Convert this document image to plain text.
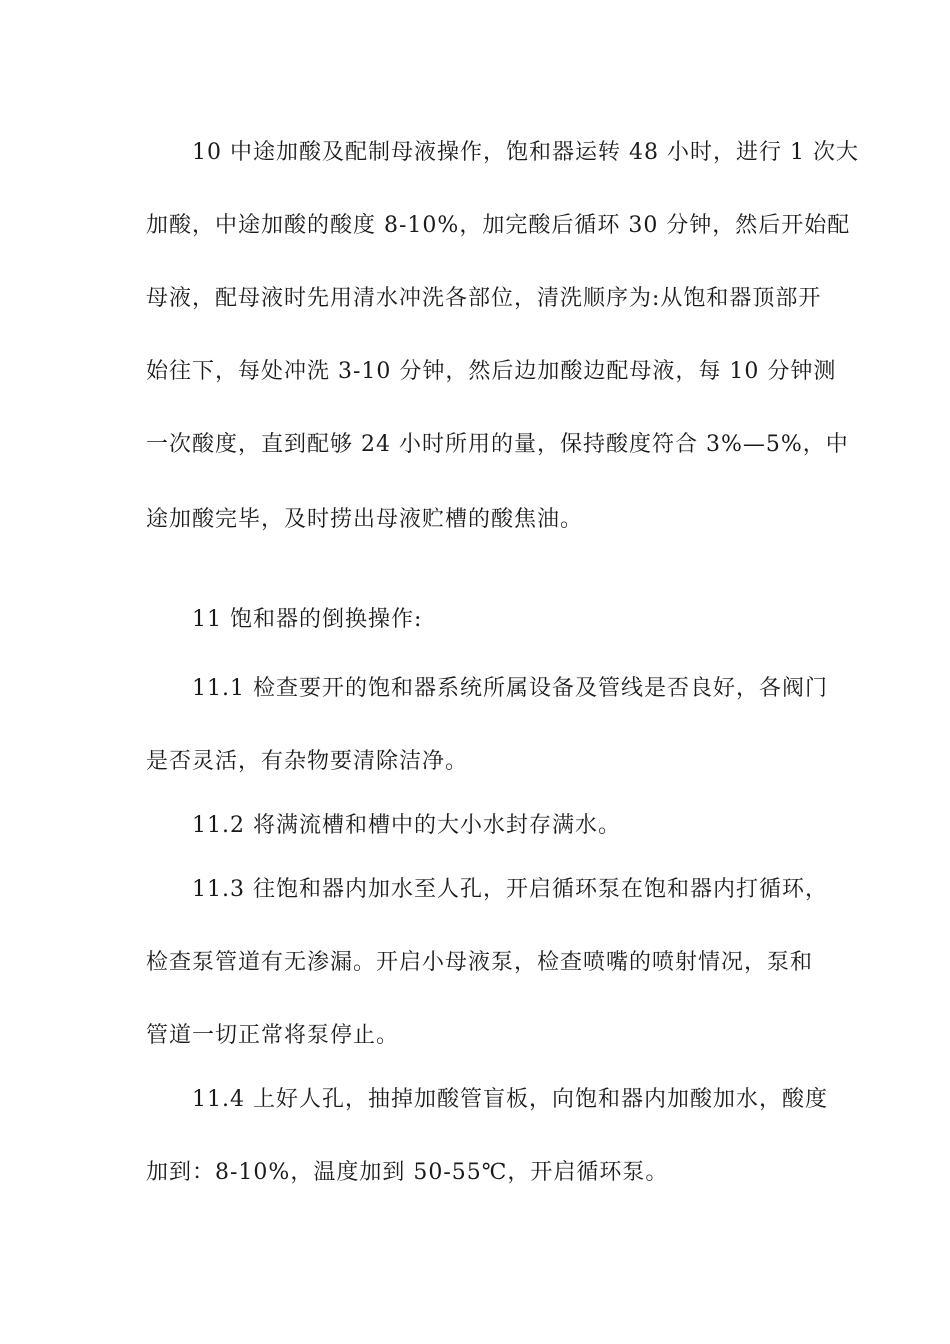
10 中途加酸及配制母液操作，饱和器运转 48 小时，进行 1 次大
加酸，中途加酸的酸度 8-10%，加完酸后循环 30 分钟，然后开始配
母液，配母液时先用清水冲洗各部位，清洗顺序为:从饱和器顶部开
始往下，每处冲洗 3-10 分钟，然后边加酸边配母液，每 10 分钟测
一次酸度，直到配够 24 小时所用的量，保持酸度符合 3%—5%，中
途加酸完毕，及时捞出母液贮槽的酸焦油。
11 饱和器的倒换操作:
11.1 检查要开的饱和器系统所属设备及管线是否良好，各阀门
是否灵活，有杂物要清除洁净。
11.2 将满流槽和槽中的大小水封存满水。
11.3 往饱和器内加水至人孔，开启循环泵在饱和器内打循环，
检查泵管道有无渗漏。开启小母液泵，检查喷嘴的喷射情况，泵和
管道一切正常将泵停止。
11.4 上好人孔，抽掉加酸管盲板，向饱和器内加酸加水，酸度
加到：8-10%，温度加到 50-55℃，开启循环泵。
